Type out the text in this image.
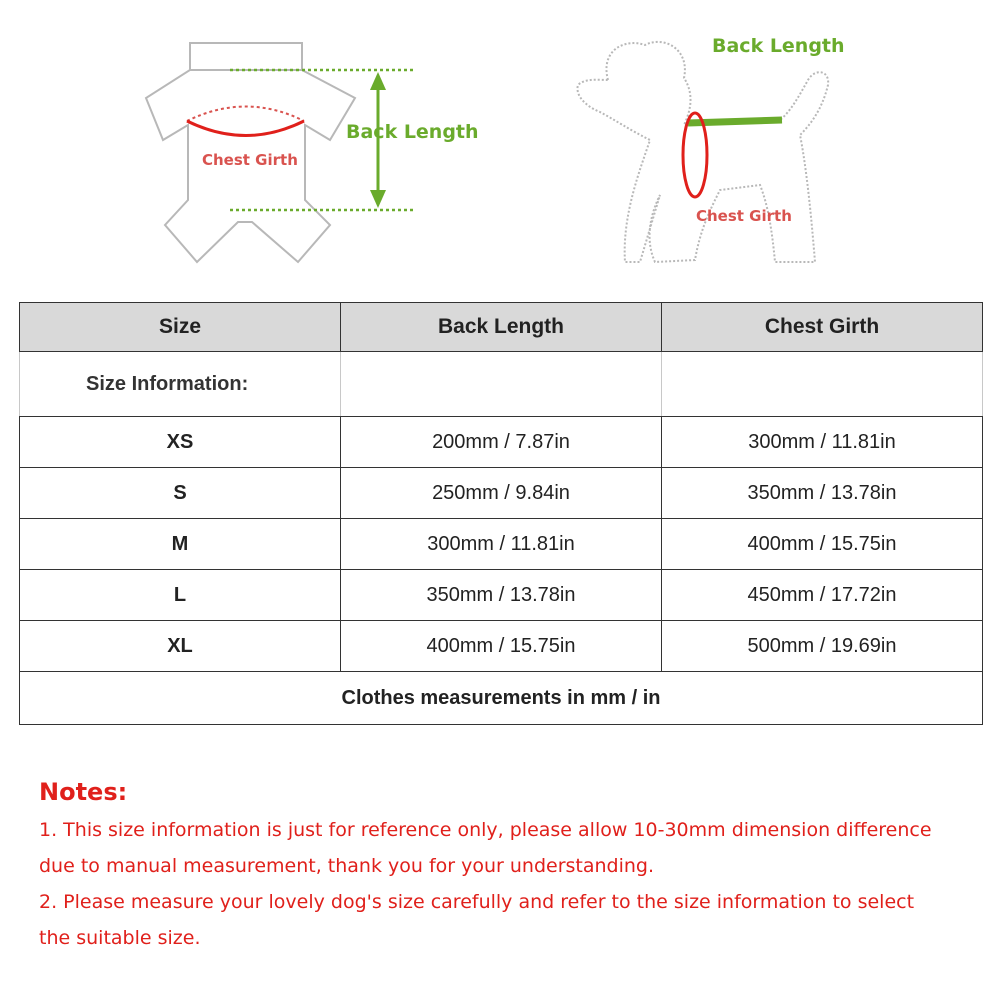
Back Length
Chest Girth
Back Length
Chest Girth
Size Information:		
Size	Back Length	Chest Girth
XS	200mm / 7.87in	300mm / 11.81in
S	250mm / 9.84in	350mm / 13.78in
M	300mm / 11.81in	400mm / 15.75in
L	350mm / 13.78in	450mm / 17.72in
XL	400mm / 15.75in	500mm / 19.69in
Clothes measurements in mm / in		
Notes:
1. This size information is just for reference only, please allow 10-30mm dimension difference
due to manual measurement, thank you for your understanding.
2. Please measure your lovely dog's size carefully and refer to the size information to select
the suitable size.
